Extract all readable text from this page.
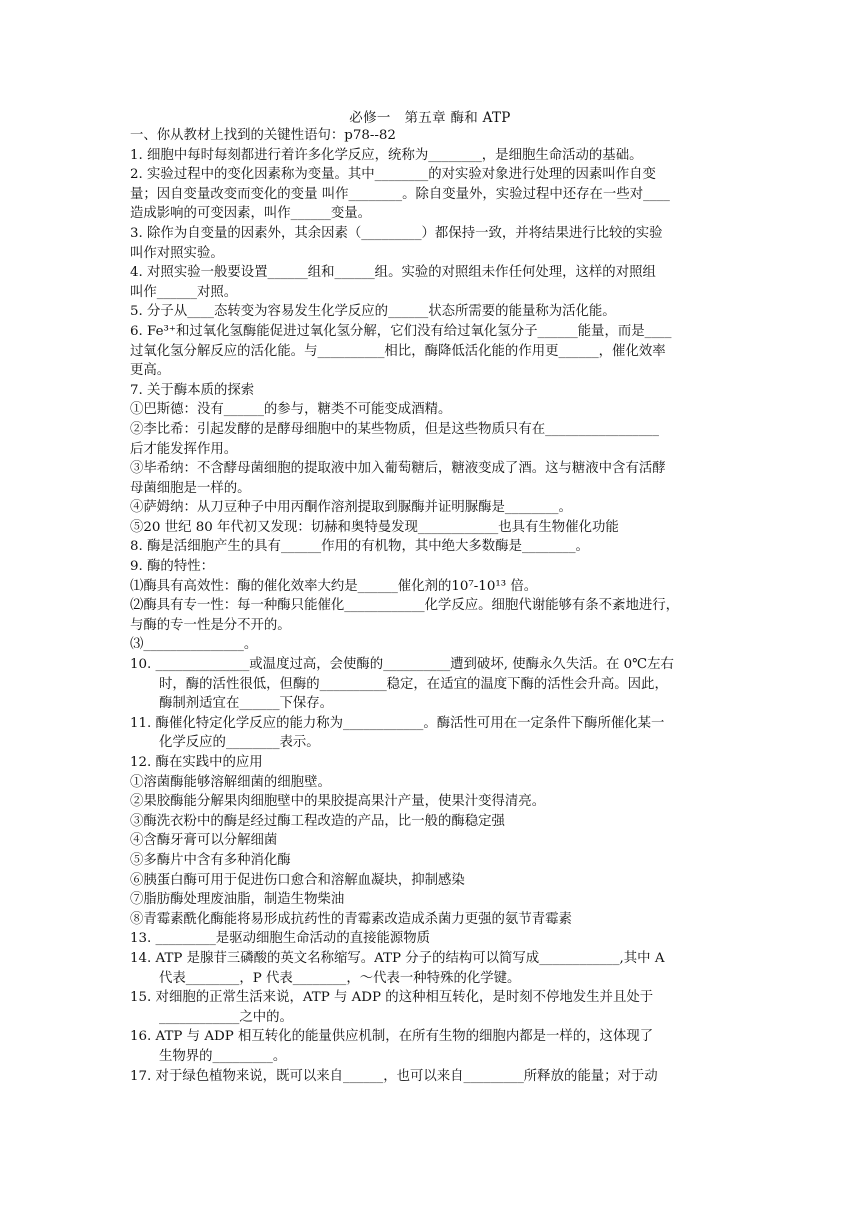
必修一　第五章 酶和 ATP
一、你从教材上找到的关键性语句：p78--82
1. 细胞中每时每刻都进行着许多化学反应，统称为________，是细胞生命活动的基础。
2. 实验过程中的变化因素称为变量。其中________的对实验对象进行处理的因素叫作自变
量；因自变量改变而变化的变量 叫作________。除自变量外，实验过程中还存在一些对____
造成影响的可变因素，叫作______变量。
3. 除作为自变量的因素外，其余因素（_________）都保持一致，并将结果进行比较的实验
叫作对照实验。
4. 对照实验一般要设置______组和______组。实验的对照组未作任何处理，这样的对照组
叫作______对照。
5. 分子从____态转变为容易发生化学反应的______状态所需要的能量称为活化能。
6. Fe³⁺和过氧化氢酶能促进过氧化氢分解，它们没有给过氧化氢分子______能量，而是____
过氧化氢分解反应的活化能。与__________相比，酶降低活化能的作用更______，催化效率
更高。
7. 关于酶本质的探索
①巴斯德：没有______的参与，糖类不可能变成酒精。
②李比希：引起发酵的是酵母细胞中的某些物质，但是这些物质只有在_________________
后才能发挥作用。
③毕希纳：不含酵母菌细胞的提取液中加入葡萄糖后，糖液变成了酒。这与糖液中含有活酵
母菌细胞是一样的。
④萨姆纳：从刀豆种子中用丙酮作溶剂提取到脲酶并证明脲酶是________。
⑤20 世纪 80 年代初又发现：切赫和奥特曼发现____________也具有生物催化功能
8. 酶是活细胞产生的具有______作用的有机物，其中绝大多数酶是________。
9. 酶的特性：
⑴酶具有高效性：酶的催化效率大约是______催化剂的10⁷-10¹³ 倍。
⑵酶具有专一性：每一种酶只能催化____________化学反应。细胞代谢能够有条不紊地进行，
与酶的专一性是分不开的。
⑶_______________。
10. ______________或温度过高，会使酶的__________遭到破坏, 使酶永久失活。在 0℃左右
时，酶的活性很低，但酶的__________稳定，在适宜的温度下酶的活性会升高。因此，
酶制剂适宜在______下保存。
11. 酶催化特定化学反应的能力称为____________。酶活性可用在一定条件下酶所催化某一
化学反应的________表示。
12. 酶在实践中的应用
①溶菌酶能够溶解细菌的细胞壁。
②果胶酶能分解果肉细胞壁中的果胶提高果汁产量，使果汁变得清亮。
③酶洗衣粉中的酶是经过酶工程改造的产品，比一般的酶稳定强
④含酶牙膏可以分解细菌
⑤多酶片中含有多种消化酶
⑥胰蛋白酶可用于促进伤口愈合和溶解血凝块，抑制感染
⑦脂肪酶处理废油脂，制造生物柴油
⑧青霉素酰化酶能将易形成抗药性的青霉素改造成杀菌力更强的氨节青霉素
13. _________是驱动细胞生命活动的直接能源物质
14. ATP 是腺苷三磷酸的英文名称缩写。ATP 分子的结构可以简写成____________,其中 A
代表________，P 代表________，～代表一种特殊的化学键。
15. 对细胞的正常生活来说，ATP 与 ADP 的这种相互转化，是时刻不停地发生并且处于
____________之中的。
16. ATP 与 ADP 相互转化的能量供应机制，在所有生物的细胞内都是一样的，这体现了
生物界的_________。
17. 对于绿色植物来说，既可以来自______，也可以来自_________所释放的能量；对于动
